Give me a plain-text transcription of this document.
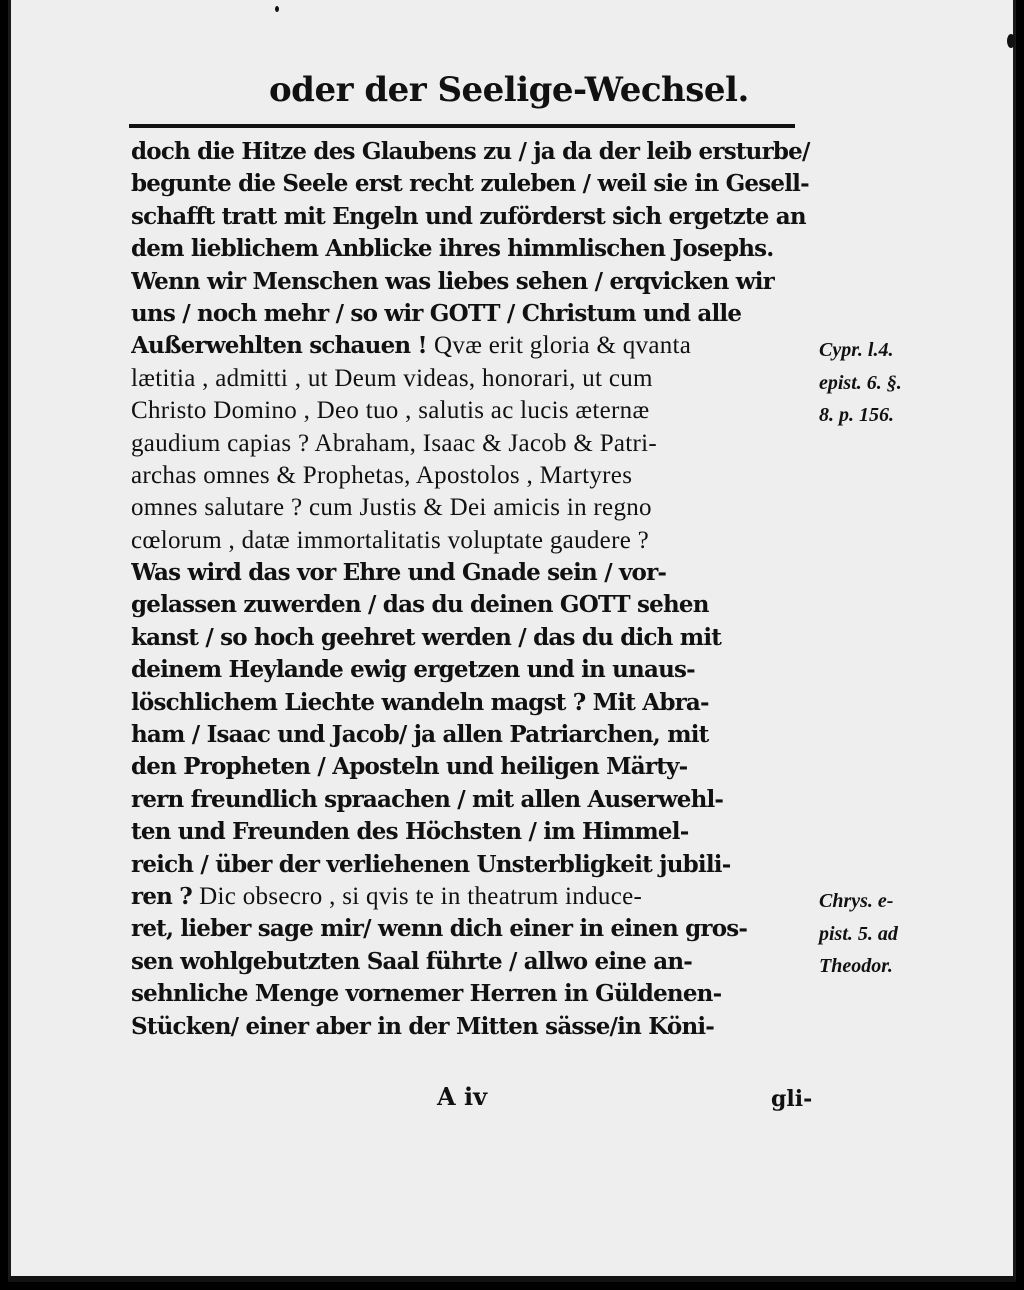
oder der Seelige-Wechsel.
doch die Hitze des Glaubens zu / ja da der leib ersturbe/
begunte die Seele erst recht zuleben / weil sie in Gesell-
schafft tratt mit Engeln und zuförderst sich ergetzte an
dem lieblichem Anblicke ihres himmlischen Josephs.
Wenn wir Menschen was liebes sehen / erqvicken wir
uns / noch mehr / so wir GOTT / Christum und alle
Außerwehlten schauen ! Qvæ erit gloria & qvanta
lætitia , admitti , ut Deum videas, honorari, ut cum
Christo Domino , Deo tuo , salutis ac lucis æternæ
gaudium capias ? Abraham, Isaac & Jacob & Patri-
archas omnes & Prophetas, Apostolos , Martyres
omnes salutare ? cum Justis & Dei amicis in regno
cœlorum , datæ immortalitatis voluptate gaudere ?
Was wird das vor Ehre und Gnade sein / vor-
gelassen zuwerden / das du deinen GOTT sehen
kanst / so hoch geehret werden / das du dich mit
deinem Heylande ewig ergetzen und in unaus-
löschlichem Liechte wandeln magst ? Mit Abra-
ham / Isaac und Jacob/ ja allen Patriarchen, mit
den Propheten / Aposteln und heiligen Märty-
rern freundlich spraachen / mit allen Auserwehl-
ten und Freunden des Höchsten / im Himmel-
reich / über der verliehenen Unsterbligkeit jubili-
ren ? Dic obsecro , si qvis te in theatrum induce-
ret, lieber sage mir/ wenn dich einer in einen gros-
sen wohlgebutzten Saal führte / allwo eine an-
sehnliche Menge vornemer Herren in Güldenen-
Stücken/ einer aber in der Mitten sässe/in Köni-
Cypr. l.4.
epist. 6. §.
8. p. 156.
Chrys. e-
pist. 5. ad
Theodor.
A iv	gli-
